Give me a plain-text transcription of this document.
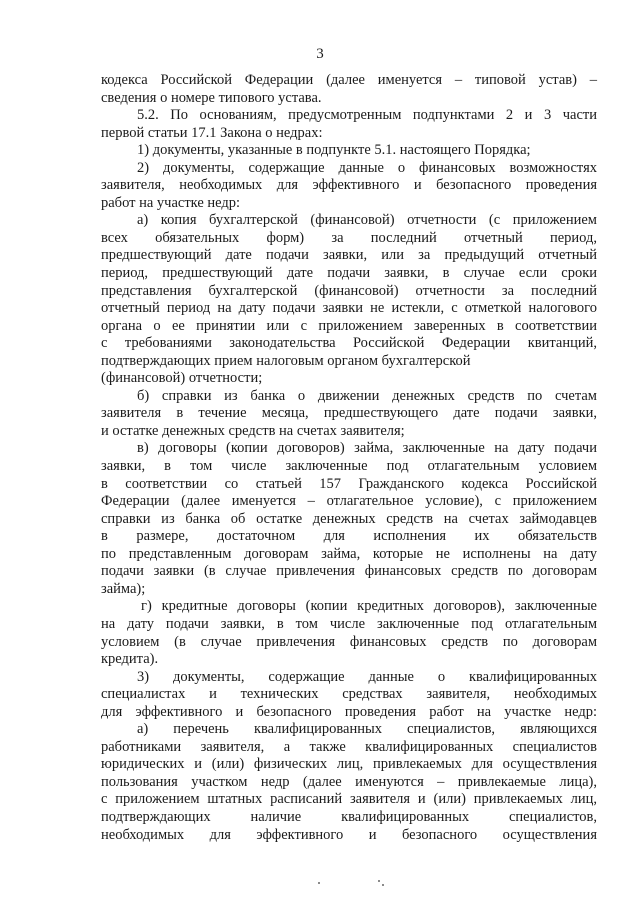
3
кодекса Российской Федерации (далее именуется – типовой устав) –
сведения о номере типового устава.
5.2. По основаниям, предусмотренным подпунктами 2 и 3 части
первой статьи 17.1 Закона о недрах:
1) документы, указанные в подпункте 5.1. настоящего Порядка;
2) документы, содержащие данные о финансовых возможностях
заявителя, необходимых для эффективного и безопасного проведения
работ на участке недр:
а) копия бухгалтерской (финансовой) отчетности (с приложением
всех обязательных форм) за последний отчетный период,
предшествующий дате подачи заявки, или за предыдущий отчетный
период, предшествующий дате подачи заявки, в случае если сроки
представления бухгалтерской (финансовой) отчетности за последний
отчетный период на дату подачи заявки не истекли, с отметкой налогового
органа о ее принятии или с приложением заверенных в соответствии
с требованиями законодательства Российской Федерации квитанций, подтверждающих прием налоговым органом бухгалтерской
(финансовой) отчетности;
б) справки из банка о движении денежных средств по счетам
заявителя в течение месяца, предшествующего дате подачи заявки,
и остатке денежных средств на счетах заявителя;
в) договоры (копии договоров) займа, заключенные на дату подачи
заявки, в том числе заключенные под отлагательным условием
в соответствии со статьей 157 Гражданского кодекса Российской
Федерации (далее именуется – отлагательное условие), с приложением
справки из банка об остатке денежных средств на счетах займодавцев
в размере, достаточном для исполнения их обязательств
по представленным договорам займа, которые не исполнены на дату
подачи заявки (в случае привлечения финансовых средств по договорам
займа);
г) кредитные договоры (копии кредитных договоров), заключенные
на дату подачи заявки, в том числе заключенные под отлагательным
условием (в случае привлечения финансовых средств по договорам
кредита).
3) документы, содержащие данные о квалифицированных
специалистах и технических средствах заявителя, необходимых
для эффективного и безопасного проведения работ на участке недр:
а) перечень квалифицированных специалистов, являющихся
работниками заявителя, а также квалифицированных специалистов
юридических и (или) физических лиц, привлекаемых для осуществления
пользования участком недр (далее именуются – привлекаемые лица),
с приложением штатных расписаний заявителя и (или) привлекаемых лиц,
подтверждающих наличие квалифицированных специалистов,
необходимых для эффективного и безопасного осуществления
